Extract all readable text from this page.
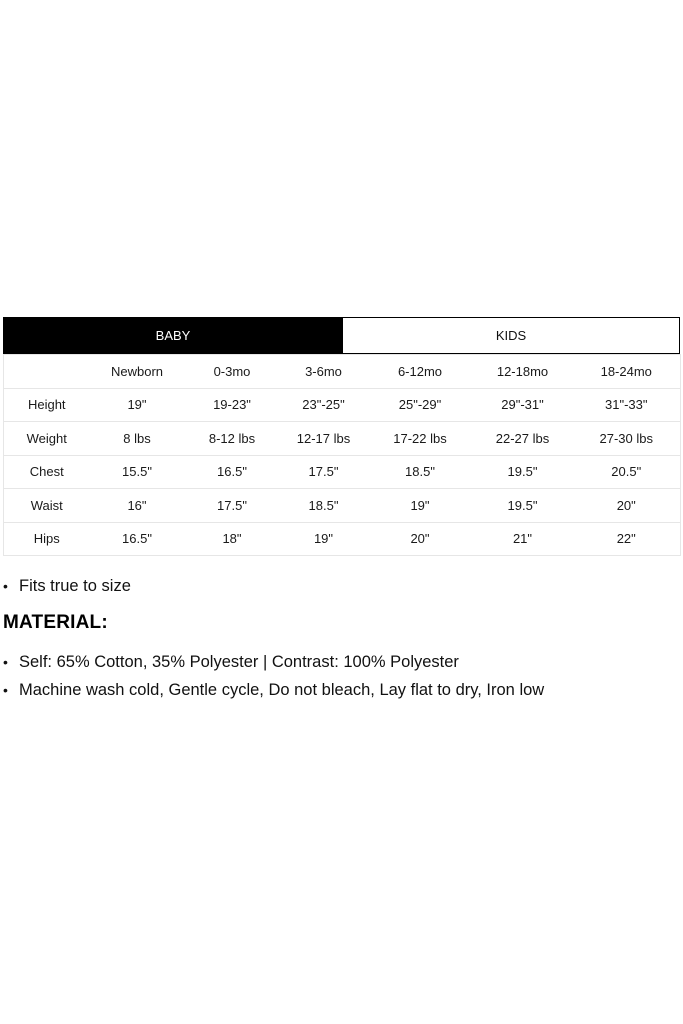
BABY	KIDS
	Newborn	0-3mo	3-6mo	6-12mo	12-18mo	18-24mo
Height	19"	19-23"	23"-25"	25"-29"	29"-31"	31"-33"
Weight	8 lbs	8-12 lbs	12-17 lbs	17-22 lbs	22-27 lbs	27-30 lbs
Chest	15.5"	16.5"	17.5"	18.5"	19.5"	20.5"
Waist	16"	17.5"	18.5"	19"	19.5"	20"
Hips	16.5"	18"	19"	20"	21"	22"
• Fits true to size
MATERIAL:
• Self: 65% Cotton, 35% Polyester | Contrast: 100% Polyester
• Machine wash cold, Gentle cycle, Do not bleach, Lay flat to dry, Iron low
